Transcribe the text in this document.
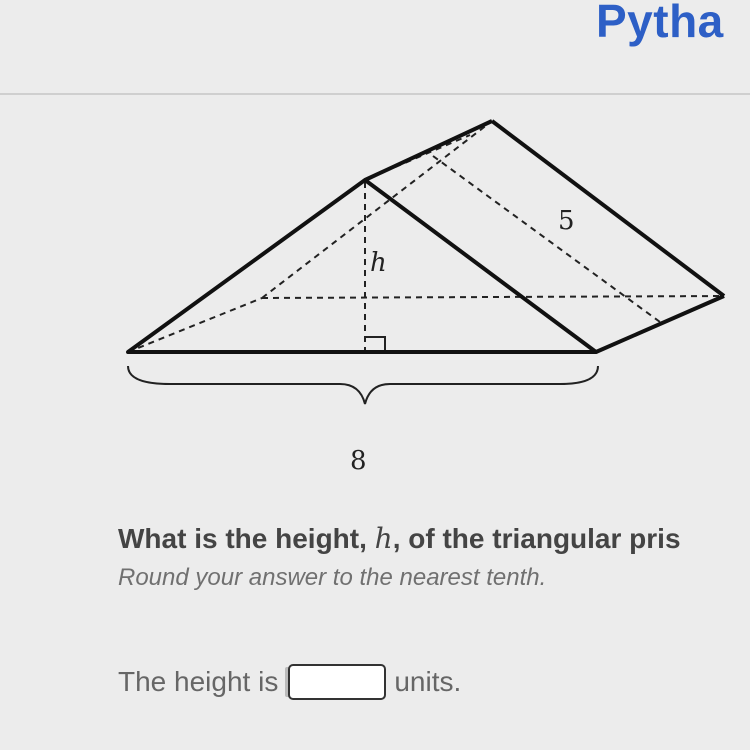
Pytha
5
h
8
What is the height, h, of the triangular pris
Round your answer to the nearest tenth.
The height is	units.
